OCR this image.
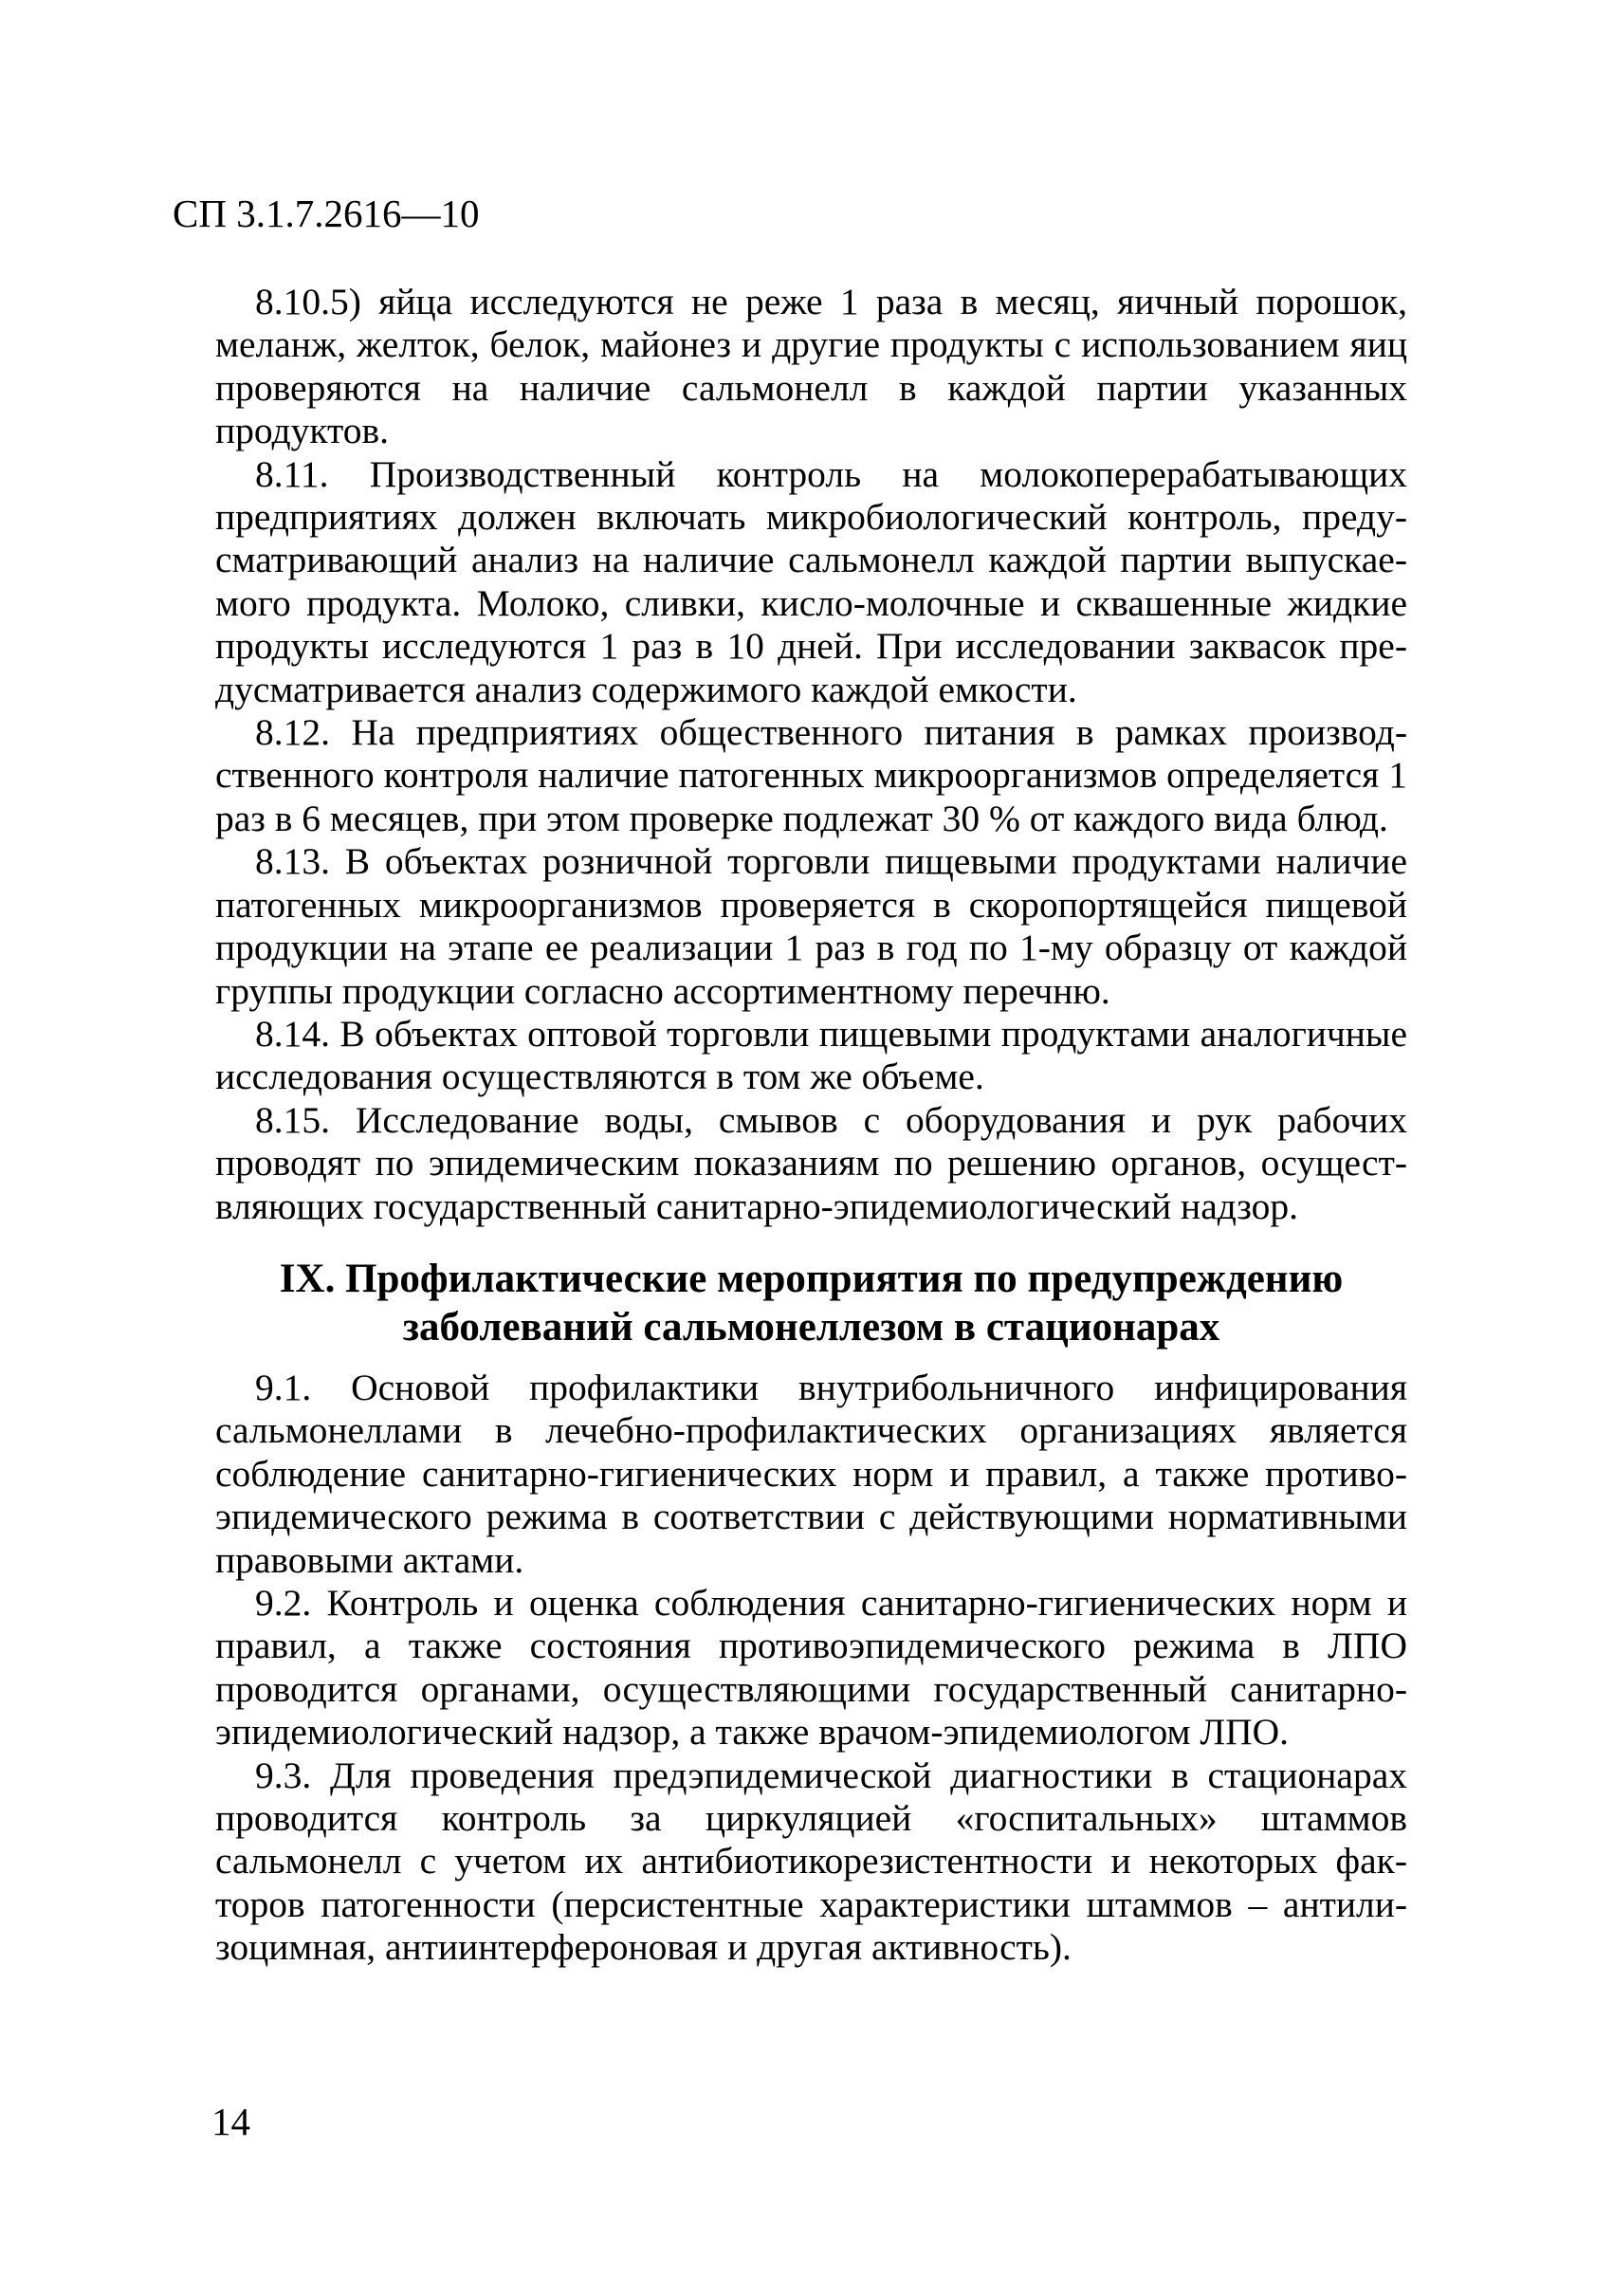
СП 3.1.7.2616—10

8.10.5) яйца исследуются не реже 1 раза в месяц, яичный порошок, меланж, желток, белок, майонез и другие продукты с использованием яиц проверяются на наличие сальмонелл в каждой партии указанных продуктов.

8.11. Производственный контроль на молокоперерабатывающих предприятиях должен включать микробиологический контроль, предусматривающий анализ на наличие сальмонелл каждой партии выпускаемого продукта. Молоко, сливки, кисло-молочные и сквашенные жидкие продукты исследуются 1 раз в 10 дней. При исследовании заквасок предусматривается анализ содержимого каждой емкости.

8.12. На предприятиях общественного питания в рамках производственного контроля наличие патогенных микроорганизмов определяется 1 раз в 6 месяцев, при этом проверке подлежат 30 % от каждого вида блюд.

8.13. В объектах розничной торговли пищевыми продуктами наличие патогенных микроорганизмов проверяется в скоропортящейся пищевой продукции на этапе ее реализации 1 раз в год по 1-му образцу от каждой группы продукции согласно ассортиментному перечню.

8.14. В объектах оптовой торговли пищевыми продуктами аналогичные исследования осуществляются в том же объеме.

8.15. Исследование воды, смывов с оборудования и рук рабочих проводят по эпидемическим показаниям по решению органов, осуществляющих государственный санитарно-эпидемиологический надзор.

IX. Профилактические мероприятия по предупреждению
заболеваний сальмонеллезом в стационарах

9.1. Основой профилактики внутрибольничного инфицирования сальмонеллами в лечебно-профилактических организациях является соблюдение санитарно-гигиенических норм и правил, а также противоэпидемического режима в соответствии с действующими нормативными правовыми актами.

9.2. Контроль и оценка соблюдения санитарно-гигиенических норм и правил, а также состояния противоэпидемического режима в ЛПО проводится органами, осуществляющими государственный санитарно-эпидемиологический надзор, а также врачом-эпидемиологом ЛПО.

9.3. Для проведения предэпидемической диагностики в стационарах проводится контроль за циркуляцией «госпитальных» штаммов сальмонелл с учетом их антибиотикорезистентности и некоторых факторов патогенности (персистентные характеристики штаммов – антилизоцимная, антиинтерфероновая и другая активность).

14
